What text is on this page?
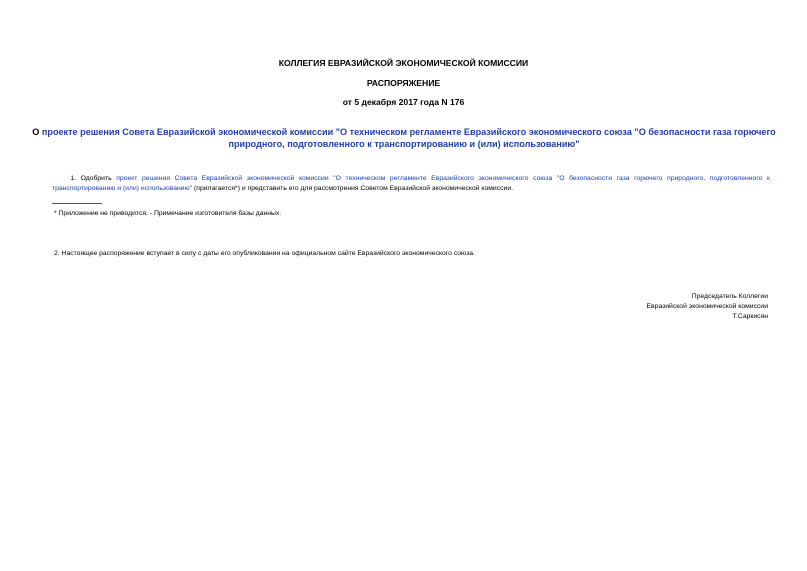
КОЛЛЕГИЯ ЕВРАЗИЙСКОЙ ЭКОНОМИЧЕСКОЙ КОМИССИИ
РАСПОРЯЖЕНИЕ
от 5 декабря 2017 года N 176
О проекте решения Совета Евразийской экономической комиссии "О техническом регламенте Евразийского экономического союза "О безопасности газа горючего природного, подготовленного к транспортированию и (или) использованию"
1. Одобрить проект решения Совета Евразийской экономической комиссии "О техническом регламенте Евразийского экономического союза "О безопасности газа горючего природного, подготовленного к транспортированию и (или) использованию" (прилагается*) и представить его для рассмотрения Советом Евразийской экономической комиссии.
* Приложение не приводится. - Примечание изготовителя базы данных.
2. Настоящее распоряжение вступает в силу с даты его опубликования на официальном сайте Евразийского экономического союза.
Председатель Коллегии
Евразийской экономической комиссии
Т.Саркисян
